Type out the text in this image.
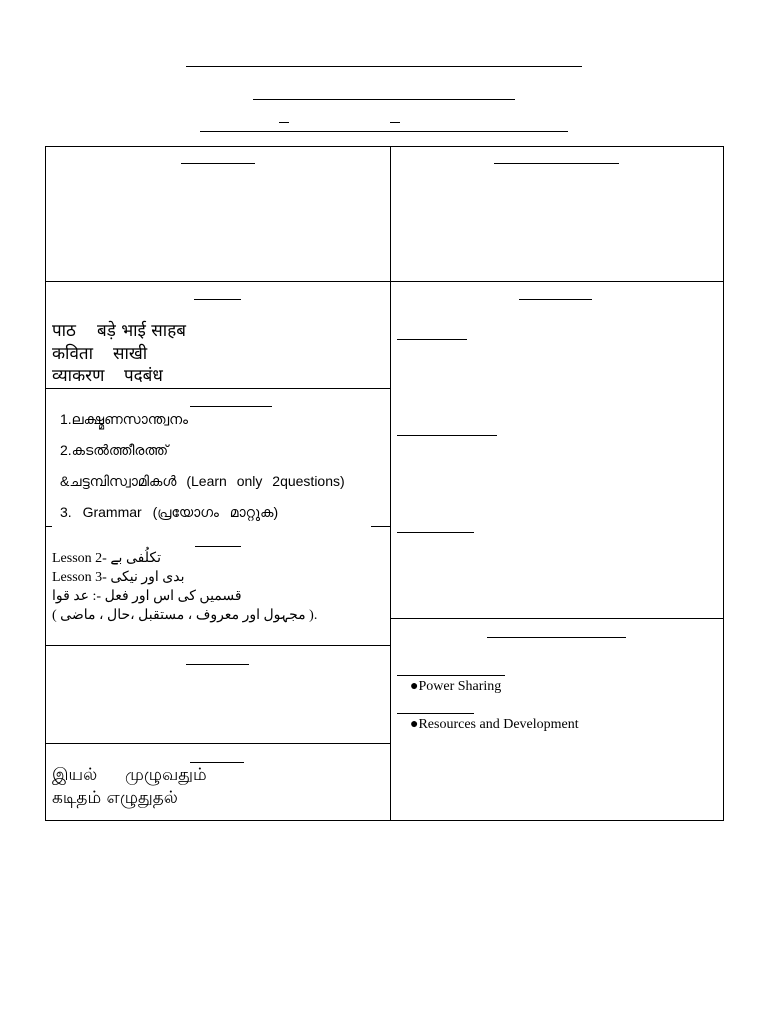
पाठ बड़े भाई साहब
कविता साखी
व्याकरण पदबंध
1.ലക്ഷ്മണസാന്ത്വനം
2.കടൽത്തീരത്ത്
&ചട്ടമ്പിസ്വാമികൾ (Learn only 2questions)
3. Grammar (പ്രയോഗം മാറ്റുക)
Lesson 2- بے تکلُفی
Lesson 3- نیکی اور بدی
قوا عد :- فعل اور اس کی قسمیں
( ماضی ، حال، مستقبل ، معروف اور مجہول ).
இயல் முழுவதும்
கடிதம் எழுதுதல்
●Power Sharing
●Resources and Development
